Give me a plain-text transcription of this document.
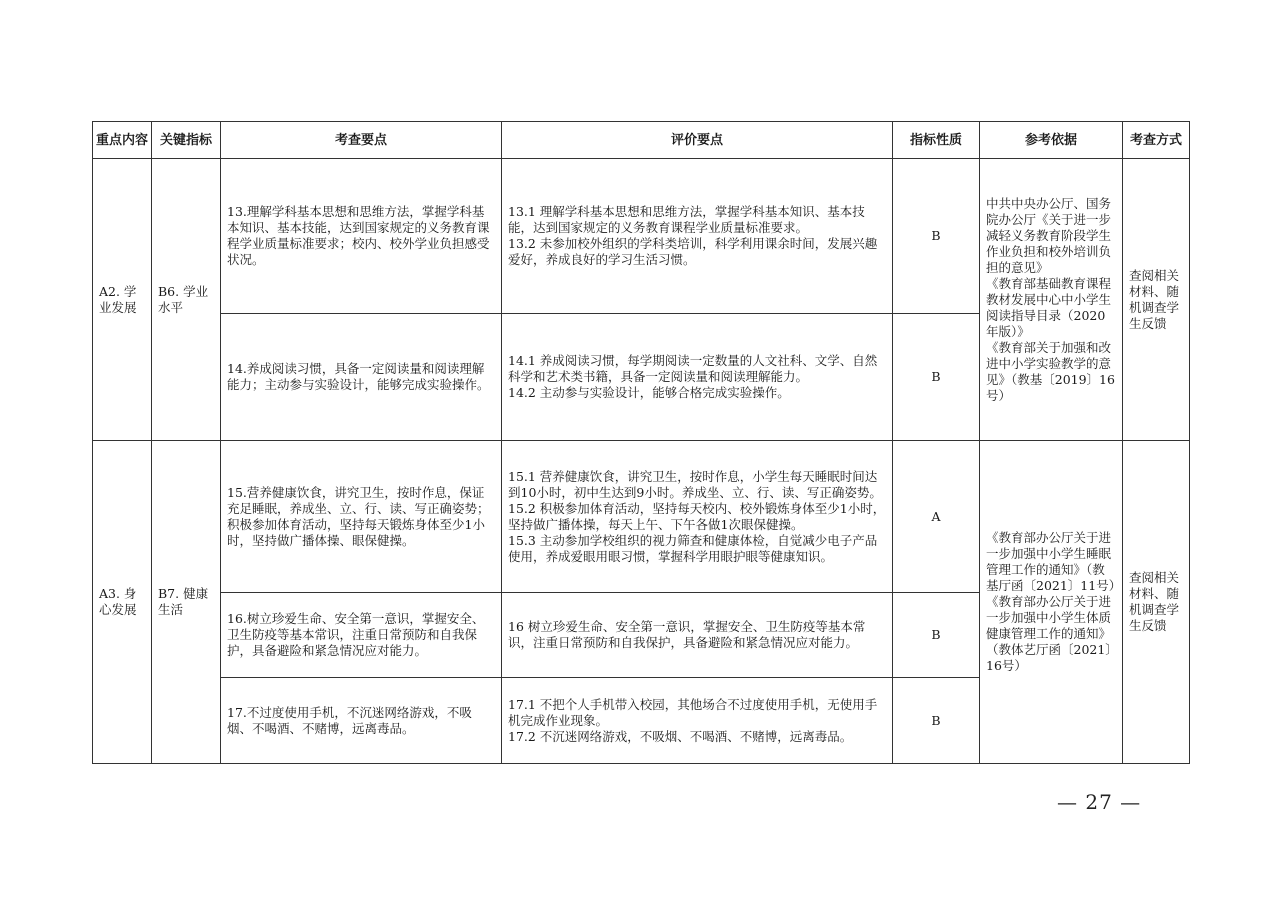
重点内容	关键指标	考查要点	评价要点	指标性质	参考依据	考查方式
A2. 学业发展	B6. 学业水平	13.理解学科基本思想和思维方法，掌握学科基本知识、基本技能，达到国家规定的义务教育课程学业质量标准要求；校内、校外学业负担感受状况。	13.1 理解学科基本思想和思维方法，掌握学科基本知识、基本技能，达到国家规定的义务教育课程学业质量标准要求。
13.2 未参加校外组织的学科类培训，科学利用课余时间，发展兴趣爱好，养成良好的学习生活习惯。	B	中共中央办公厅、国务院办公厅《关于进一步减轻义务教育阶段学生作业负担和校外培训负担的意见》
《教育部基础教育课程教材发展中心中小学生阅读指导目录（2020年版）》
《教育部关于加强和改进中小学实验教学的意见》（教基〔2019〕16号）	查阅相关材料、随机调查学生反馈
		14.养成阅读习惯，具备一定阅读量和阅读理解能力；主动参与实验设计，能够完成实验操作。	14.1 养成阅读习惯，每学期阅读一定数量的人文社科、文学、自然科学和艺术类书籍，具备一定阅读量和阅读理解能力。
14.2 主动参与实验设计，能够合格完成实验操作。	B		
A3. 身心发展	B7. 健康生活	15.营养健康饮食，讲究卫生，按时作息，保证充足睡眠，养成坐、立、行、读、写正确姿势；积极参加体育活动，坚持每天锻炼身体至少1小时，坚持做广播体操、眼保健操。	15.1 营养健康饮食，讲究卫生，按时作息，小学生每天睡眠时间达到10小时，初中生达到9小时。养成坐、立、行、读、写正确姿势。
15.2 积极参加体育活动，坚持每天校内、校外锻炼身体至少1小时，坚持做广播体操，每天上午、下午各做1次眼保健操。
15.3 主动参加学校组织的视力筛查和健康体检，自觉减少电子产品使用，养成爱眼用眼习惯，掌握科学用眼护眼等健康知识。	A	《教育部办公厅关于进一步加强中小学生睡眠管理工作的通知》（教基厅函〔2021〕11号）
《教育部办公厅关于进一步加强中小学生体质健康管理工作的通知》（教体艺厅函〔2021〕16号）	查阅相关材料、随机调查学生反馈
		16.树立珍爱生命、安全第一意识，掌握安全、卫生防疫等基本常识，注重日常预防和自我保护，具备避险和紧急情况应对能力。	16 树立珍爱生命、安全第一意识，掌握安全、卫生防疫等基本常识，注重日常预防和自我保护，具备避险和紧急情况应对能力。	B		
		17.不过度使用手机，不沉迷网络游戏，不吸烟、不喝酒、不赌博，远离毒品。	17.1 不把个人手机带入校园，其他场合不过度使用手机，无使用手机完成作业现象。
17.2 不沉迷网络游戏，不吸烟、不喝酒、不赌博，远离毒品。	B		
— 27 —
